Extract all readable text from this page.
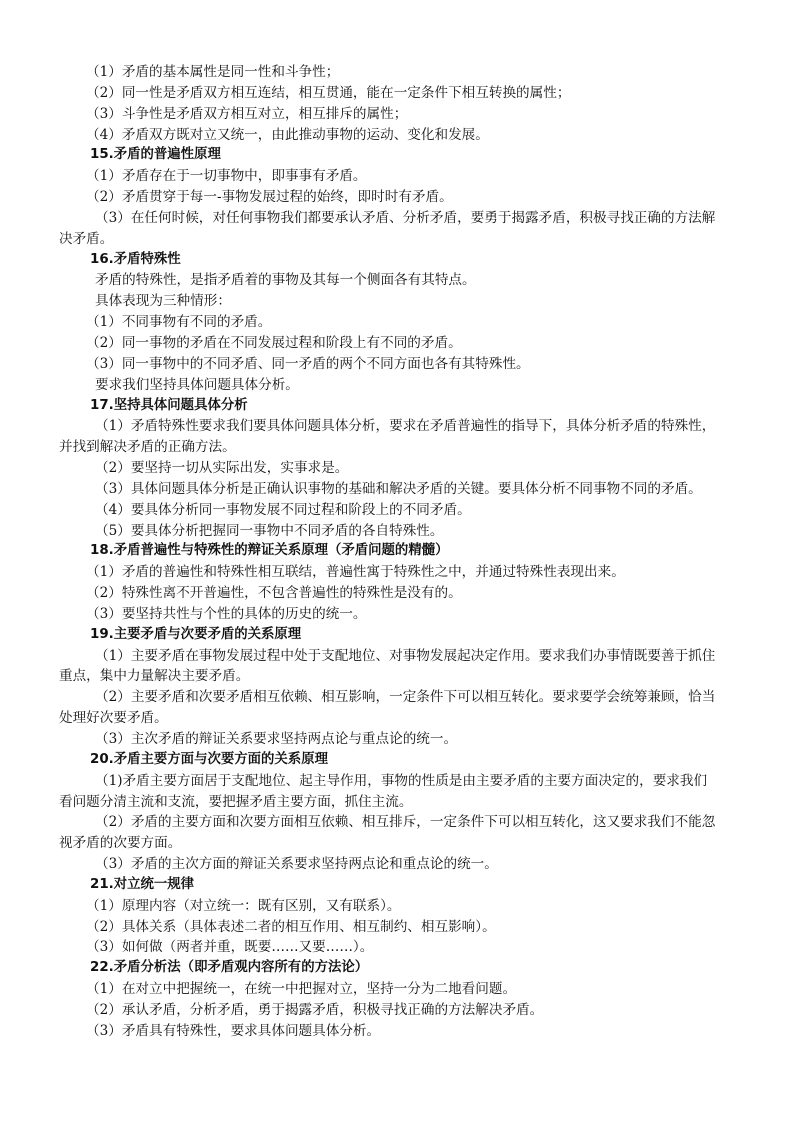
（1）矛盾的基本属性是同一性和斗争性；
（2）同一性是矛盾双方相互连结，相互贯通，能在一定条件下相互转换的属性；
（3）斗争性是矛盾双方相互对立，相互排斥的属性；
（4）矛盾双方既对立又统一，由此推动事物的运动、变化和发展。
15.矛盾的普遍性原理
（1）矛盾存在于一切事物中，即事事有矛盾。
（2）矛盾贯穿于每一-事物发展过程的始终，即时时有矛盾。
（3）在任何时候，对任何事物我们都要承认矛盾、分析矛盾，要勇于揭露矛盾，积极寻找正确的方法解决矛盾。
16.矛盾特殊性
矛盾的特殊性，是指矛盾着的事物及其每一个侧面各有其特点。
具体表现为三种情形：
（1）不同事物有不同的矛盾。
（2）同一事物的矛盾在不同发展过程和阶段上有不同的矛盾。
（3）同一事物中的不同矛盾、同一矛盾的两个不同方面也各有其特殊性。
要求我们坚持具体问题具体分析。
17.坚持具体问题具体分析
（1）矛盾特殊性要求我们要具体问题具体分析，要求在矛盾普遍性的指导下，具体分析矛盾的特殊性，并找到解决矛盾的正确方法。
（2）要坚持一切从实际出发，实事求是。
（3）具体问题具体分析是正确认识事物的基础和解决矛盾的关键。要具体分析不同事物不同的矛盾。
（4）要具体分析同一事物发展不同过程和阶段上的不同矛盾。
（5）要具体分析把握同一事物中不同矛盾的各自特殊性。
18.矛盾普遍性与特殊性的辩证关系原理（矛盾问题的精髓）
（1）矛盾的普遍性和特殊性相互联结，普遍性寓于特殊性之中，并通过特殊性表现出来。
（2）特殊性离不开普遍性，不包含普遍性的特殊性是没有的。
（3）要坚持共性与个性的具体的历史的统一。
19.主要矛盾与次要矛盾的关系原理
（1）主要矛盾在事物发展过程中处于支配地位、对事物发展起决定作用。要求我们办事情既要善于抓住重点，集中力量解决主要矛盾。
（2）主要矛盾和次要矛盾相互依赖、相互影响，一定条件下可以相互转化。要求要学会统筹兼顾，恰当处理好次要矛盾。
（3）主次矛盾的辩证关系要求坚持两点论与重点论的统一。
20.矛盾主要方面与次要方面的关系原理
（1)矛盾主要方面居于支配地位、起主导作用，事物的性质是由主要矛盾的主要方面决定的，要求我们看问题分清主流和支流，要把握矛盾主要方面，抓住主流。
（2）矛盾的主要方面和次要方面相互依赖、相互排斥，一定条件下可以相互转化，这又要求我们不能忽视矛盾的次要方面。
（3）矛盾的主次方面的辩证关系要求坚持两点论和重点论的统一。
21.对立统一规律
（1）原理内容（对立统一：既有区别，又有联系）。
（2）具体关系（具体表述二者的相互作用、相互制约、相互影响）。
（3）如何做（两者并重，既要……又要……）。
22.矛盾分析法（即矛盾观内容所有的方法论）
（1）在对立中把握统一，在统一中把握对立，坚持一分为二地看问题。
（2）承认矛盾，分析矛盾，勇于揭露矛盾，积极寻找正确的方法解决矛盾。
（3）矛盾具有特殊性，要求具体问题具体分析。
